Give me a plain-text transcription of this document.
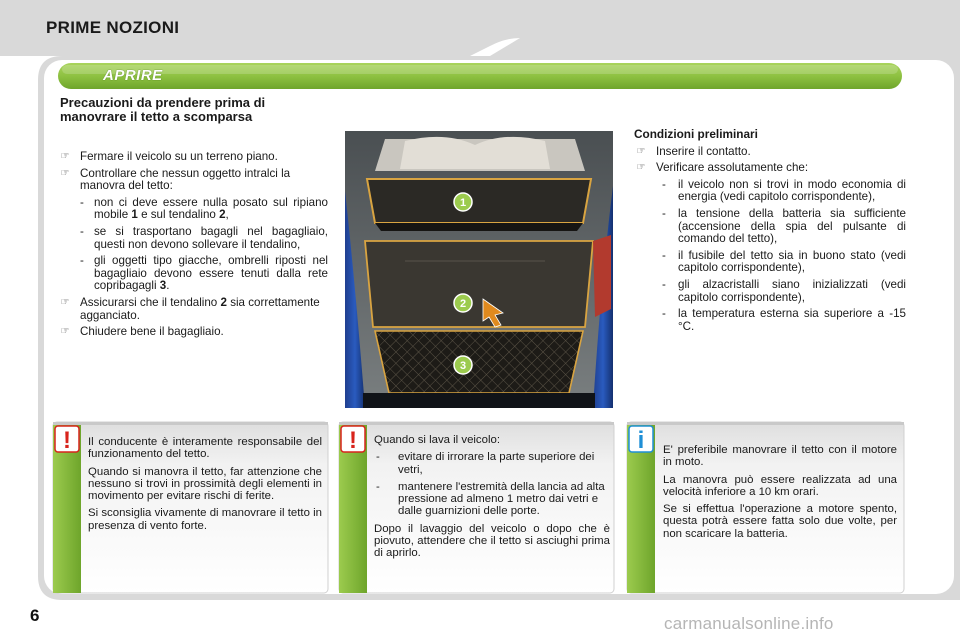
PRIME NOZIONI
APRIRE
Precauzioni da prendere prima di manovrare il tetto a scomparsa
☞ Fermare il veicolo su un terreno piano.
☞ Controllare che nessun oggetto intralci la manovra del tetto:
- non ci deve essere nulla posato sul ripiano mobile 1 e sul tendalino 2,
- se si trasportano bagagli nel bagagliaio, questi non devono sollevare il tendalino,
- gli oggetti tipo giacche, ombrelli riposti nel bagagliaio devono essere tenuti dalla rete copribagagli 3.
☞ Assicurarsi che il tendalino 2 sia correttamente agganciato.
☞ Chiudere bene il bagagliaio.
1
2
3
Condizioni preliminari
☞ Inserire il contatto.
☞ Verificare assolutamente che:
- il veicolo non si trovi in modo economia di energia (vedi capitolo corrispondente),
- la tensione della batteria sia sufficiente (accensione della spia del pulsante di comando del tetto),
- il fusibile del tetto sia in buono stato (vedi capitolo corrispondente),
- gli alzacristalli siano inizializzati (vedi capitolo corrispondente),
- la temperatura esterna sia superiore a -15 °C.
!	!	i

Il conducente è interamente responsabile del funzionamento del tetto.

Quando si manovra il tetto, far attenzione che nessuno si trovi in prossimità degli elementi in movimento per evitare rischi di ferite.

Si sconsiglia vivamente di manovrare il tetto in presenza di vento forte.

Quando si lava il veicolo:

- evitare di irrorare la parte superiore dei vetri,
- mantenere l'estremità della lancia ad alta pressione ad almeno 1 metro dai vetri e dalle guarnizioni delle porte.

Dopo il lavaggio del veicolo o dopo che è piovuto, attendere che il tetto si asciughi prima di aprirlo.

E' preferibile manovrare il tetto con il motore in moto.

La manovra può essere realizzata ad una velocità inferiore a 10 km orari.

Se si effettua l'operazione a motore spento, questa potrà essere fatta solo due volte, per non scaricare la batteria.

6	carmanualsonline.info
